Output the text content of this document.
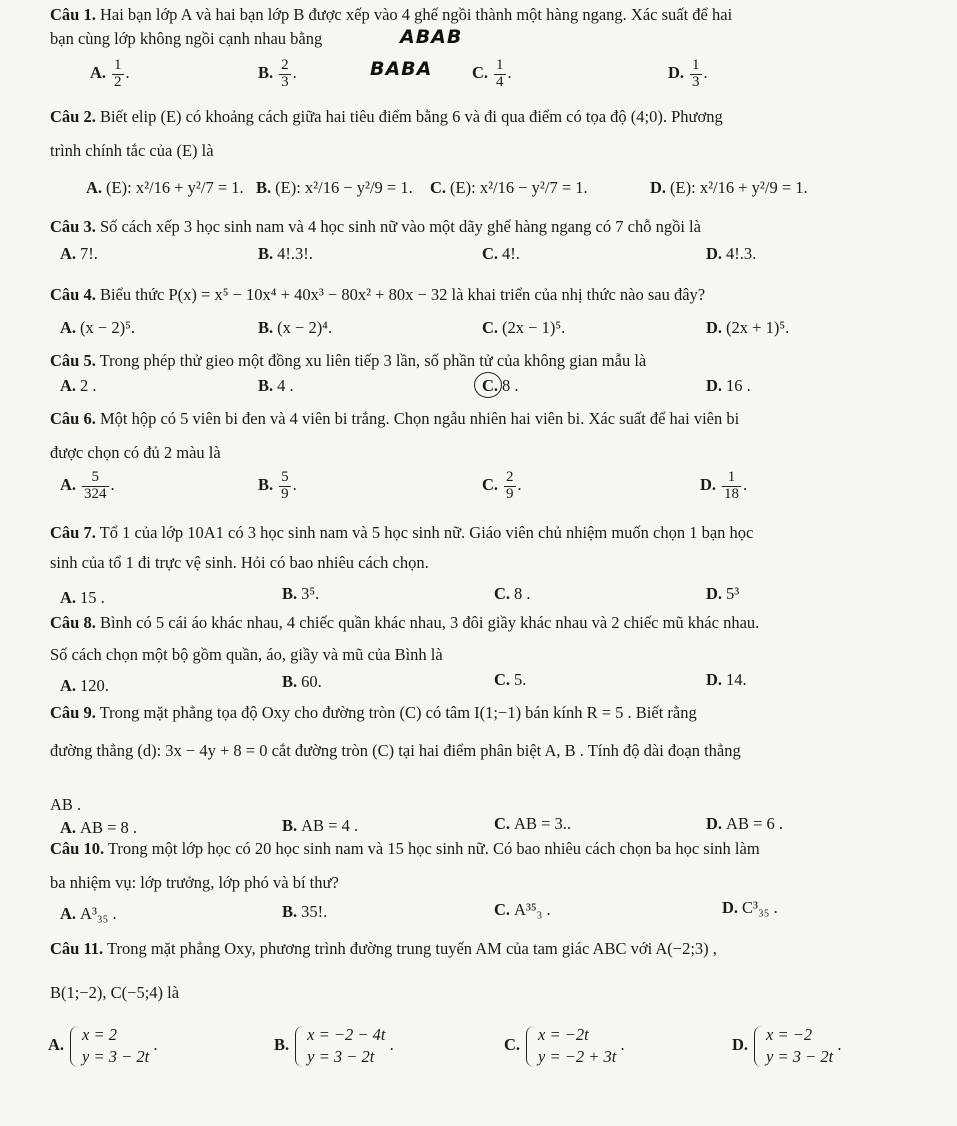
Câu 1. Hai bạn lớp A và hai bạn lớp B được xếp vào 4 ghế ngồi thành một hàng ngang. Xác suất để hai
bạn cùng lớp không ngồi cạnh nhau bằng	ABAB
BABA
A. $\frac{1}{2}$ .	B. $\frac{2}{3}$ .	C. $\frac{1}{4}$ .	D. $\frac{1}{3}$ .
Câu 2. Biết elip (E) có khoảng cách giữa hai tiêu điểm bằng 6 và đi qua điểm có tọa độ (4;0). Phương
trình chính tắc của (E) là
A. (E): x²/16 + y²/7 = 1. B. (E): x²/16 − y²/9 = 1. C. (E): x²/16 − y²/7 = 1.	D. (E): x²/16 + y²/9 = 1.
Câu 3. Số cách xếp 3 học sinh nam và 4 học sinh nữ vào một dãy ghế hàng ngang có 7 chỗ ngồi là
A. 7!.	B. 4!.3!.	C. 4!.	D. 4!.3.
Câu 4. Biểu thức P(x) = x⁵ − 10x⁴ + 40x³ − 80x² + 80x − 32 là khai triển của nhị thức nào sau đây?
A. (x − 2)⁵.	B. (x − 2)⁴.	C. (2x − 1)⁵.	D. (2x + 1)⁵.
Câu 5. Trong phép thử gieo một đồng xu liên tiếp 3 lần, số phần tử của không gian mẫu là
A. 2 .	B. 4 .	C. 8 .	D. 16 .
Câu 6. Một hộp có 5 viên bi đen và 4 viên bi trắng. Chọn ngẫu nhiên hai viên bi. Xác suất để hai viên bi
được chọn có đủ 2 màu là
A. $\frac{5}{324}$ .	B. $\frac{5}{9}$ .	C. $\frac{2}{9}$ .	D. $\frac{1}{18}$ .
Câu 7. Tổ 1 của lớp 10A1 có 3 học sinh nam và 5 học sinh nữ. Giáo viên chủ nhiệm muốn chọn 1 bạn học
sinh của tổ 1 đi trực vệ sinh. Hỏi có bao nhiêu cách chọn.
A. 15 .	B. 3⁵.	C. 8 .	D. 5³
Câu 8. Bình có 5 cái áo khác nhau, 4 chiếc quần khác nhau, 3 đôi giầy khác nhau và 2 chiếc mũ khác nhau.
Số cách chọn một bộ gồm quần, áo, giầy và mũ của Bình là
A. 120.	B. 60.	C. 5.	D. 14.
Câu 9. Trong mặt phẳng tọa độ Oxy cho đường tròn (C) có tâm I(1;−1) bán kính R = 5 . Biết rằng
đường thẳng (d): 3x − 4y + 8 = 0 cắt đường tròn (C) tại hai điểm phân biệt A, B . Tính độ dài đoạn thẳng
AB .
A. AB = 8 .	B. AB = 4 .	C. AB = 3..	D. AB = 6 .
Câu 10. Trong một lớp học có 20 học sinh nam và 15 học sinh nữ. Có bao nhiêu cách chọn ba học sinh làm
ba nhiệm vụ: lớp trưởng, lớp phó và bí thư?
A. A³₃₅ .	B. 35!.	C. A³⁵₃ .	D. C³₃₅ .
Câu 11. Trong mặt phẳng Oxy, phương trình đường trung tuyến AM của tam giác ABC với A(−2;3) ,
B(1;−2), C(−5;4) là
A.
x = 2
y = 3 − 2t
.	B.
x = −2 − 4t
y = 3 − 2t
.	C.
x = −2t
y = −2 + 3t
.	D.
x = −2
y = 3 − 2t
.
